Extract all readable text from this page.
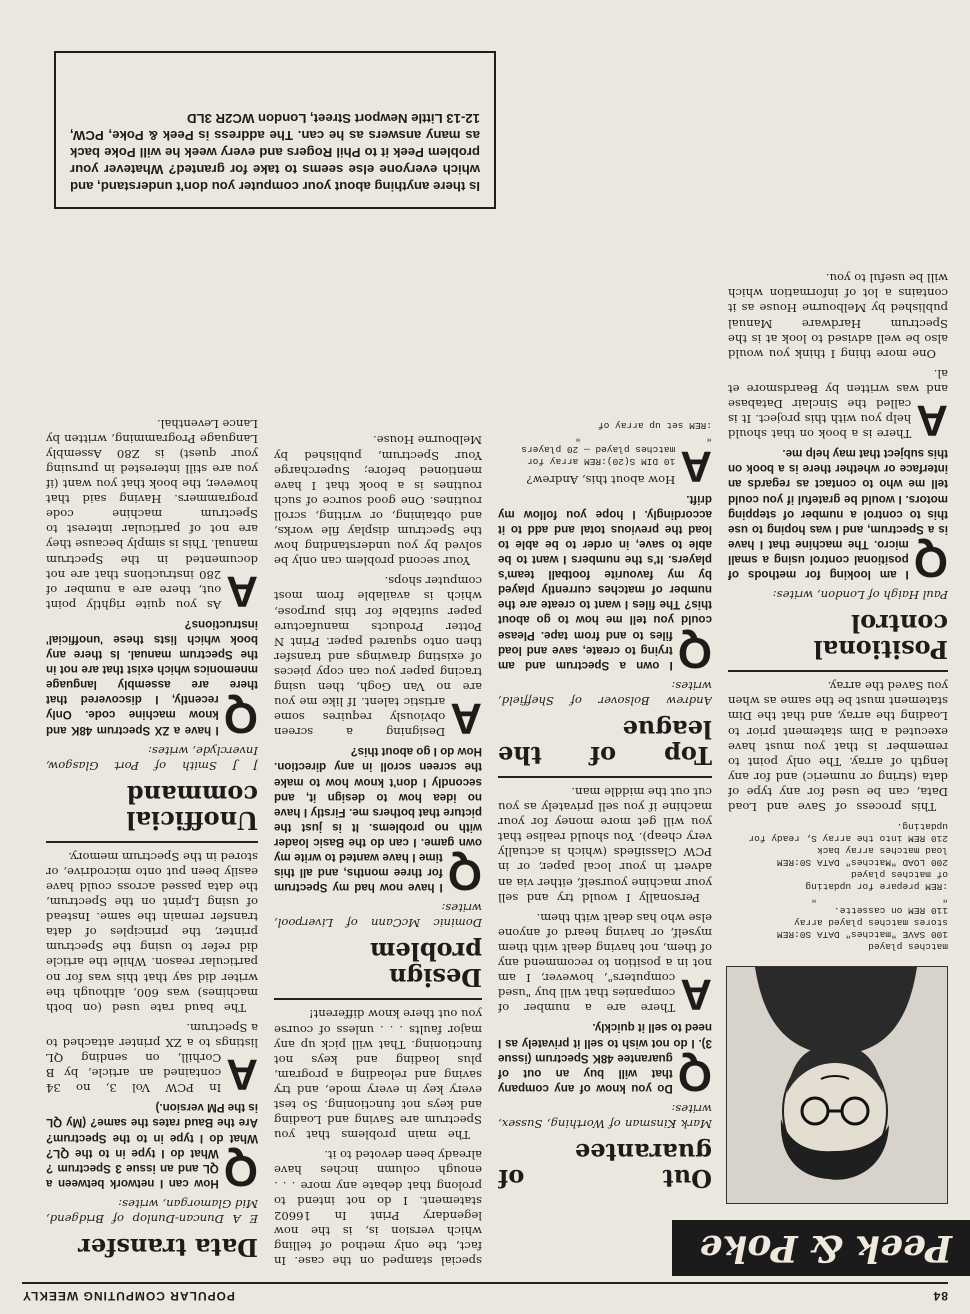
84
POPULAR COMPUTING WEEKLY
Peek & Poke
matches played
100 SAVE "matches" DATA S0:REM
stores matches played array
110 REM on cassette.
"                      "
:REM prepare for updating
of matches played
200 LOAD "Matches" DATA S0:REM
load matches array back
210 REM into the array S, ready for
updating.

This process of Save and Load Data, can be used for any type of data (string or numeric) and for any length of array. The only point to remember is that you must have executed a Dim statement prior to Loading the array, and that the Dim statement must be the same as when you Saved the array.

Positional control

Paul Haigh of London, writes:

Q
I am looking for methods of positional control using a small micro. The machine that I have is a Spectrum, and I was hoping to use this to control a number of stepping motors. I would be grateful if you could tell me who to contact as regards an interface or whether there is a book on this subject that may help me.

A
There is a book on that should help you with this project. It is called the Sinclair Database and was written by Beardsmore et al.

One more thing I think you would also be well advised to look at is the Spectrum Hardware Manual published by Melbourne House as it contains a lot of information which will be useful to you.

Out of guarantee

Mark Kinsman of Worthing, Sussex, writes:

Q
Do you know of any company that will buy an out of guarantee 48K Spectrum (issue 3). I do not wish to sell it privately as I need to sell it quickly.

A
There are a number of companies that will buy "used computers", however, I am not in a position to recommend any of them, not having dealt with them myself, or having heard of anyone else who has dealt with them.

Personally I would try and sell your machine yourself, either via an advert in your local paper, or in PCW Classifieds (which is actually very cheap). You should realise that you will get more money for your machine if you sell privately as you cut out the middle man.

Top of the league

Andrew Bolsover of Sheffield, writes:

Q
I own a Spectrum and am trying to create, save and load files to and from tape. Please could you tell me how to go about this? The files I want to create are the number of matches currently played by my favourite football team's players. It's the numbers I want to be able to save, in order to be able to load the previous total and add to it accordingly. I hope you follow my drift.

A
How about this, Andrew?

10 DIM S(20):REM array for
matches played — 20 players
"                      "
:REM set up array of

special stamped on the case. In fact, the only method of telling which version is, is the now legendary Print In 16602 statement. I do not intend to prolong that debate any more . . . enough column inches have already been devoted to it.

The main problems that you Spectrum are Saving and Loading and keys not functioning. So test every key in every mode, and try saving and reloading a program, plus loading and keys not functioning. That will pick up any major faults . . . unless of course you out there know different!

Design problem

Dominic McCann of Liverpool, writes:

Q
I have now had my Spectrum for three months, and all this time I have wanted to write my own game. I can do the Basic loader with no problems. It is just the picture that bothers me. Firstly I have no idea how to design it, and secondly I don't know how to make the screen scroll in any direction. How do I go about this?

A
Designing a screen obviously requires some artistic talent. If like me you are no Van Gogh, then using tracing paper you can copy pieces of existing drawings and transfer then onto squared paper. Print N Potter Products manufacture paper suitable for this purpose, which is available from most computer shops.

Your second problem can only be solved by you understanding how the Spectrum display file works, and obtaining, or writing, scroll routines. One good source of such routines is a book that I have mentioned before; Supercharge Your Spectrum, published by Melbourne House.

Data transfer

E A Duncan-Dunlop of Bridgend, Mid Glamorgan, writes:

Q
How can I network between a QL and an issue 3 Spectrum ? What do I type in to the QL? What do I type in to the Spectrum? Are the Baud rates the same? (My QL is the PM version.)

A
In PCW Vol 3, no 34 contained an article, by B Corhill, on sending QL listings to a ZX printer attached to a Spectrum.

The baud rate used (on both machines) was 600, although the writer did say that this was for no particular reason. While the article did refer to using the Spectrum printer, the principles of data transfer remain the same. Instead of using Lprint on the Spectrum, the data passed across could have easily been put onto microdrive, or stored in the Spectrum memory.

Unofficial command

J J Smith of Port Glasgow, Inverclyde, writes:

Q
I have a ZX Spectrum 48K and know machine code. Only recently, I discovered that there are assembly language mnemonics which exist that are not in the Spectrum manual. Is there any book which lists these 'unofficial' instructions?

A
As you quite rightly point out, there are a number of 280 instructions that are not documented in the Spectrum manual. This is simply because they are not of particular interest to Spectrum machine code programmers. Having said that however, the book that you want (if you are still interested in pursuing your quest) is Z80 Assembly Language Programming, written by Lance Leventhal.

Is there anything about your computer you don't understand, and which everyone else seems to take for granted? Whatever your problem Peek it to Phil Rogers and every week he will Poke back as many answers as he can. The address is Peek & Poke, PCW, 12-13 Little Newport Street, London WC2R 3LD
